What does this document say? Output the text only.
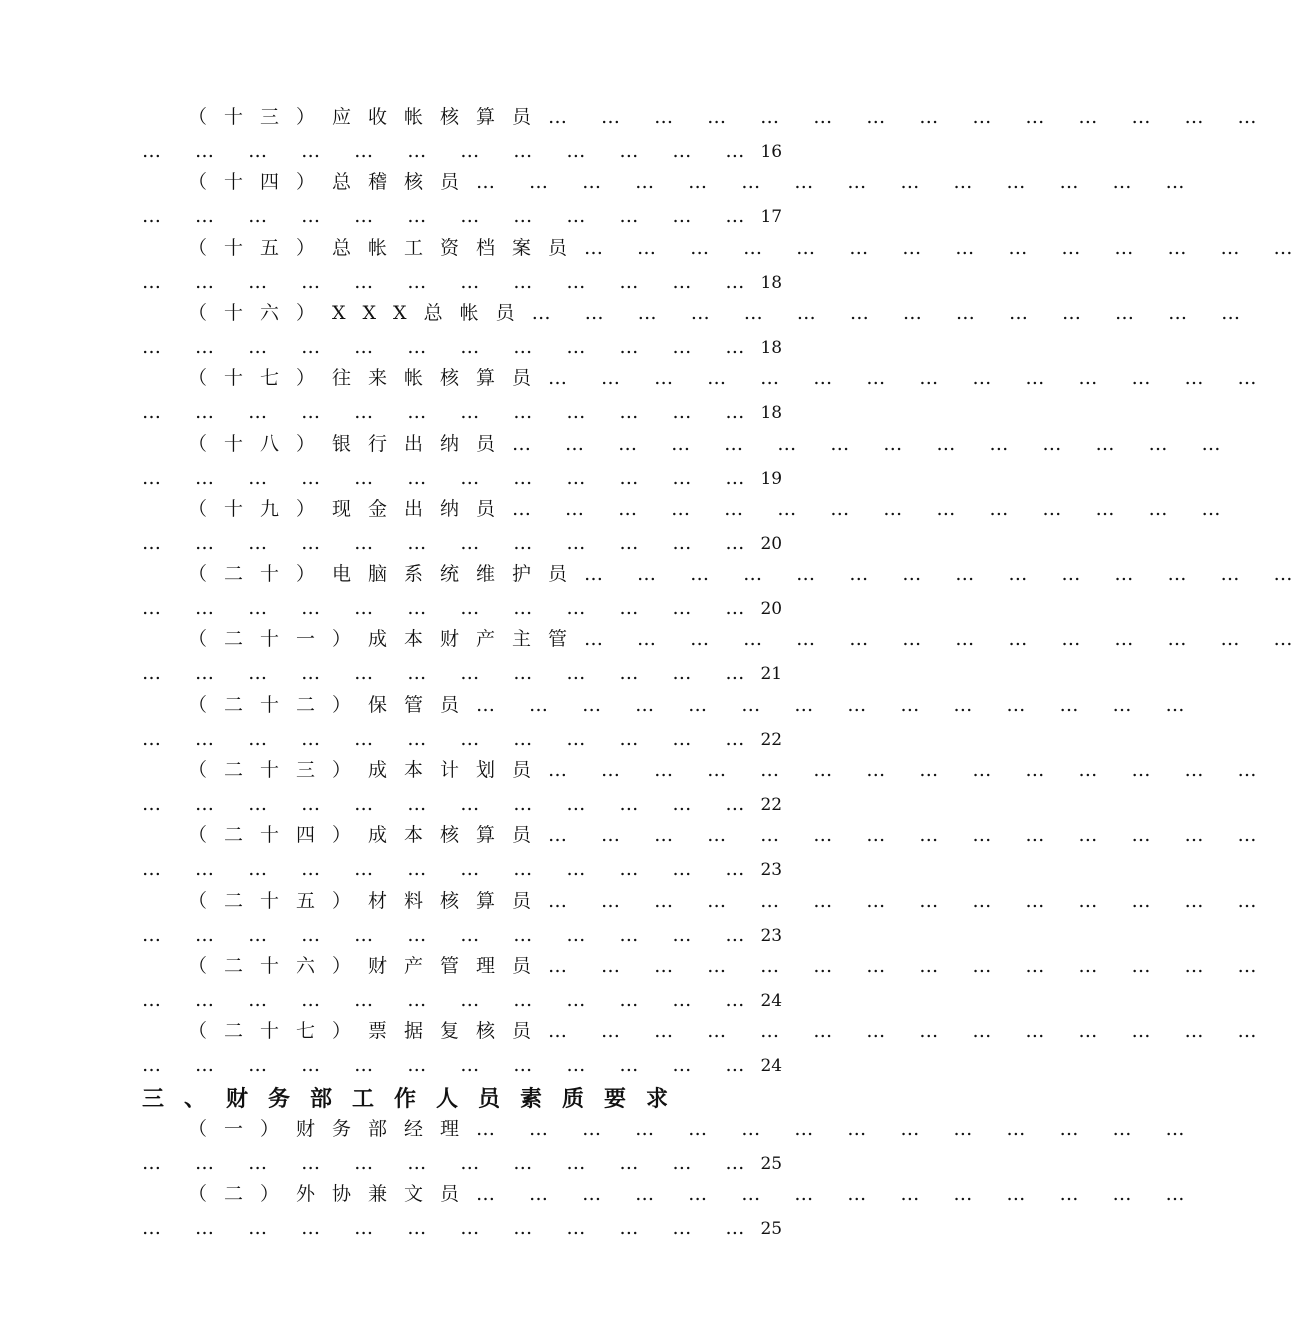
（十三）应收帐核算员… … … … … … … … … … … … … …
… … … … … … … … … … … … 16
（十四）总稽核员… … … … … … … … … … … … … …
… … … … … … … … … … … … 17
（十五）总帐工资档案员… … … … … … … … … … … … … …
… … … … … … … … … … … … 18
（十六）XXX总帐员… … … … … … … … … … … … … …
… … … … … … … … … … … … 18
（十七）往来帐核算员… … … … … … … … … … … … … …
… … … … … … … … … … … … 18
（十八）银行出纳员… … … … … … … … … … … … … …
… … … … … … … … … … … … 19
（十九）现金出纳员… … … … … … … … … … … … … …
… … … … … … … … … … … … 20
（二十）电脑系统维护员… … … … … … … … … … … … … …
… … … … … … … … … … … … 20
（二十一）成本财产主管… … … … … … … … … … … … … …
… … … … … … … … … … … … 21
（二十二）保管员… … … … … … … … … … … … … …
… … … … … … … … … … … … 22
（二十三）成本计划员… … … … … … … … … … … … … …
… … … … … … … … … … … … 22
（二十四）成本核算员… … … … … … … … … … … … … …
… … … … … … … … … … … … 23
（二十五）材料核算员… … … … … … … … … … … … … …
… … … … … … … … … … … … 23
（二十六）财产管理员… … … … … … … … … … … … … …
… … … … … … … … … … … … 24
（二十七）票据复核员… … … … … … … … … … … … … …
… … … … … … … … … … … … 24
三、财务部工作人员素质要求
（一）财务部经理… … … … … … … … … … … … … …
… … … … … … … … … … … … 25
（二）外协兼文员… … … … … … … … … … … … … …
… … … … … … … … … … … … 25
